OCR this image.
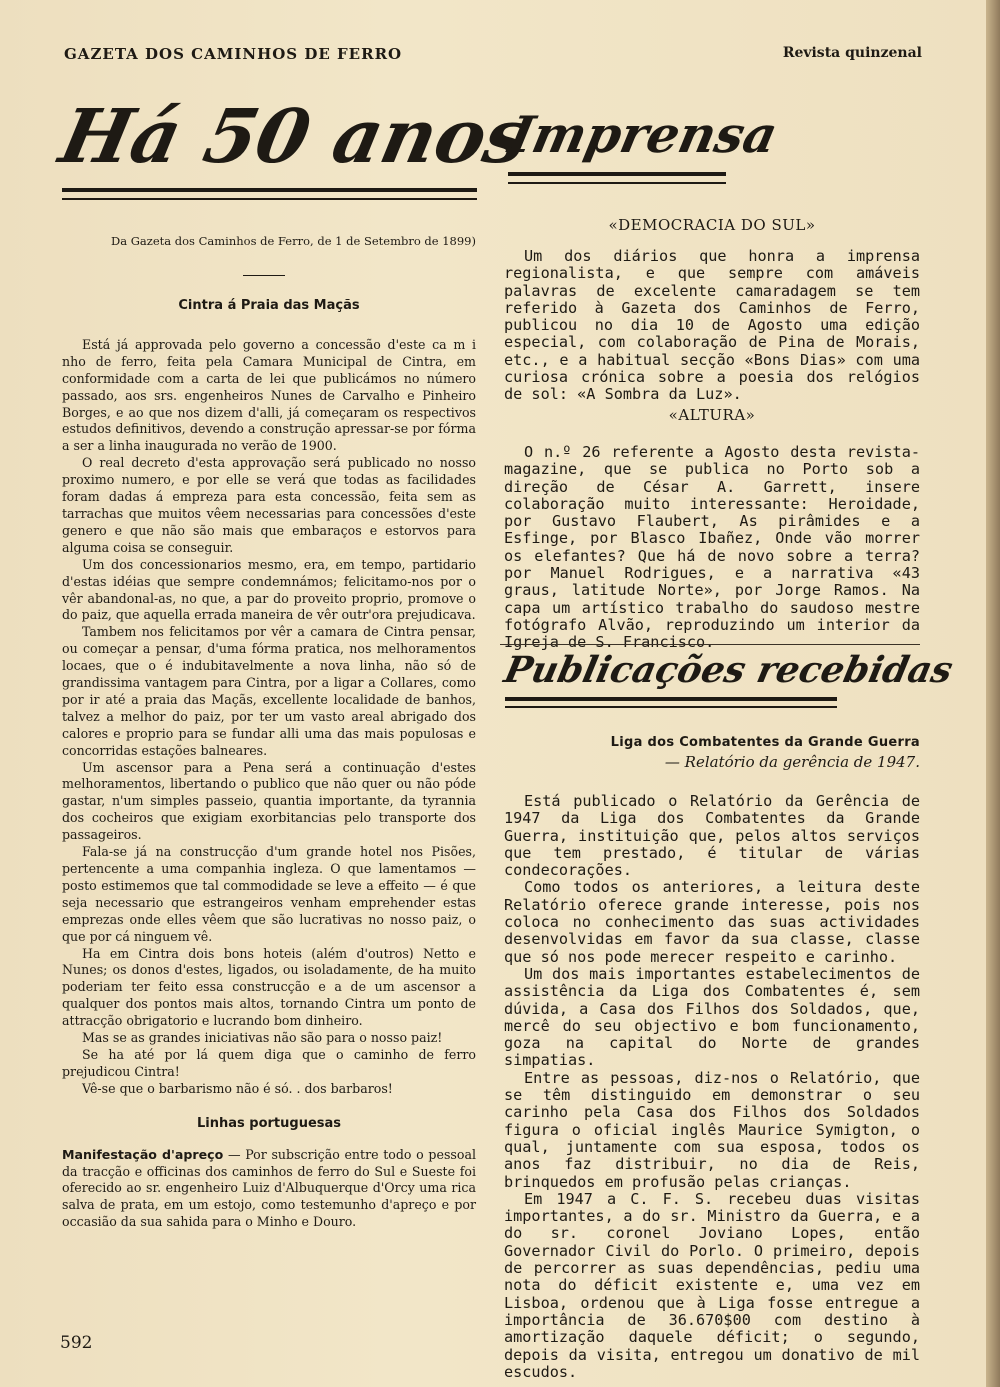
GAZETA DOS CAMINHOS DE FERRO	Revista quinzenal
Há 50 anos
Da Gazeta dos Caminhos de Ferro, de 1 de Setembro de 1899)
Cintra á Praia das Maçãs

Está já approvada pelo governo a concessão d'este ca m i nho de ferro, feita pela Camara Municipal de Cintra, em conformidade com a carta de lei que publicámos no número passado, aos srs. engenheiros Nunes de Carvalho e Pinheiro Borges, e ao que nos dizem d'alli, já começaram os respectivos estudos definitivos, devendo a construção apressar-se por fórma a ser a linha inaugurada no verão de 1900.

O real decreto d'esta approvação será publicado no nosso proximo numero, e por elle se verá que todas as facilidades foram dadas á empreza para esta concessão, feita sem as tarrachas que muitos vêem necessarias para concessões d'este genero e que não são mais que embaraços e estorvos para alguma coisa se conseguir.

Um dos concessionarios mesmo, era, em tempo, partidario d'estas idéias que sempre condemnámos; felicitamo-nos por o vêr abandonal-as, no que, a par do proveito proprio, promove o do paiz, que aquella errada maneira de vêr outr'ora prejudicava.

Tambem nos felicitamos por vêr a camara de Cintra pensar, ou começar a pensar, d'uma fórma pratica, nos melhoramentos locaes, que o é indubitavelmente a nova linha, não só de grandissima vantagem para Cintra, por a ligar a Collares, como por ir até a praia das Maçãs, excellente localidade de banhos, talvez a melhor do paiz, por ter um vasto areal abrigado dos calores e proprio para se fundar alli uma das mais populosas e concorridas estações balneares.

Um ascensor para a Pena será a continuação d'estes melhoramentos, libertando o publico que não quer ou não póde gastar, n'um simples passeio, quantia importante, da tyrannia dos cocheiros que exigiam exorbitancias pelo transporte dos passageiros.

Fala-se já na construcção d'um grande hotel nos Pisões, pertencente a uma companhia ingleza. O que lamentamos — posto estimemos que tal commodidade se leve a effeito — é que seja necessario que estrangeiros venham emprehender estas emprezas onde elles vêem que são lucrativas no nosso paiz, o que por cá ninguem vê.

Ha em Cintra dois bons hoteis (além d'outros) Netto e Nunes; os donos d'estes, ligados, ou isoladamente, de ha muito poderiam ter feito essa construcção e a de um ascensor a qualquer dos pontos mais altos, tornando Cintra um ponto de attracção obrigatorio e lucrando bom dinheiro.

Mas se as grandes iniciativas não são para o nosso paiz!

Se ha até por lá quem diga que o caminho de ferro prejudicou Cintra!

Vê-se que o barbarismo não é só. . dos barbaros!

Linhas portuguesas

Manifestação d'apreço — Por subscrição entre todo o pessoal da tracção e officinas dos caminhos de ferro do Sul e Sueste foi oferecido ao sr. engenheiro Luiz d'Albuquerque d'Orcy uma rica salva de prata, em um estojo, como testemunho d'apreço e por occasião da sua sahida para o Minho e Douro.

Imprensa
«DEMOCRACIA DO SUL»

Um dos diários que honra a imprensa regionalista, e que sempre com amáveis palavras de excelente camaradagem se tem referido à Gazeta dos Caminhos de Ferro, publicou no dia 10 de Agosto uma edição especial, com colaboração de Pina de Morais, etc., e a habitual secção «Bons Dias» com uma curiosa crónica sobre a poesia dos relógios de sol: «A Sombra da Luz».

«ALTURA»

O n.º 26 referente a Agosto desta revista-magazine, que se publica no Porto sob a direção de César A. Garrett, insere colaboração muito interessante: Heroidade, por Gustavo Flaubert, As pirâmides e a Esfinge, por Blasco Ibañez, Onde vão morrer os elefantes? Que há de novo sobre a terra? por Manuel Rodrigues, e a narrativa «43 graus, latitude Norte», por Jorge Ramos. Na capa um artístico trabalho do saudoso mestre fotógrafo Alvão, reproduzindo um interior da Igreja de S. Francisco.

Publicações recebidas
Liga dos Combatentes da Grande Guerra
— Relatório da gerência de 1947.

Está publicado o Relatório da Gerência de 1947 da Liga dos Combatentes da Grande Guerra, instituição que, pelos altos serviços que tem prestado, é titular de várias condecorações.

Como todos os anteriores, a leitura deste Relatório oferece grande interesse, pois nos coloca no conhecimento das suas actividades desenvolvidas em favor da sua classe, classe que só nos pode merecer respeito e carinho.

Um dos mais importantes estabelecimentos de assistência da Liga dos Combatentes é, sem dúvida, a Casa dos Filhos dos Soldados, que, mercê do seu objectivo e bom funcionamento, goza na capital do Norte de grandes simpatias.

Entre as pessoas, diz-nos o Relatório, que se têm distinguido em demonstrar o seu carinho pela Casa dos Filhos dos Soldados figura o oficial inglês Maurice Symigton, o qual, juntamente com sua esposa, todos os anos faz distribuir, no dia de Reis, brinquedos em profusão pelas crianças.

Em 1947 a C. F. S. recebeu duas visitas importantes, a do sr. Ministro da Guerra, e a do sr. coronel Joviano Lopes, então Governador Civil do Porlo. O primeiro, depois de percorrer as suas dependências, pediu uma nota do déficit existente e, uma vez em Lisboa, ordenou que à Liga fosse entregue a importância de 36.670$00 com destino à amortização daquele déficit; o segundo, depois da visita, entregou um donativo de mil escudos.

592
